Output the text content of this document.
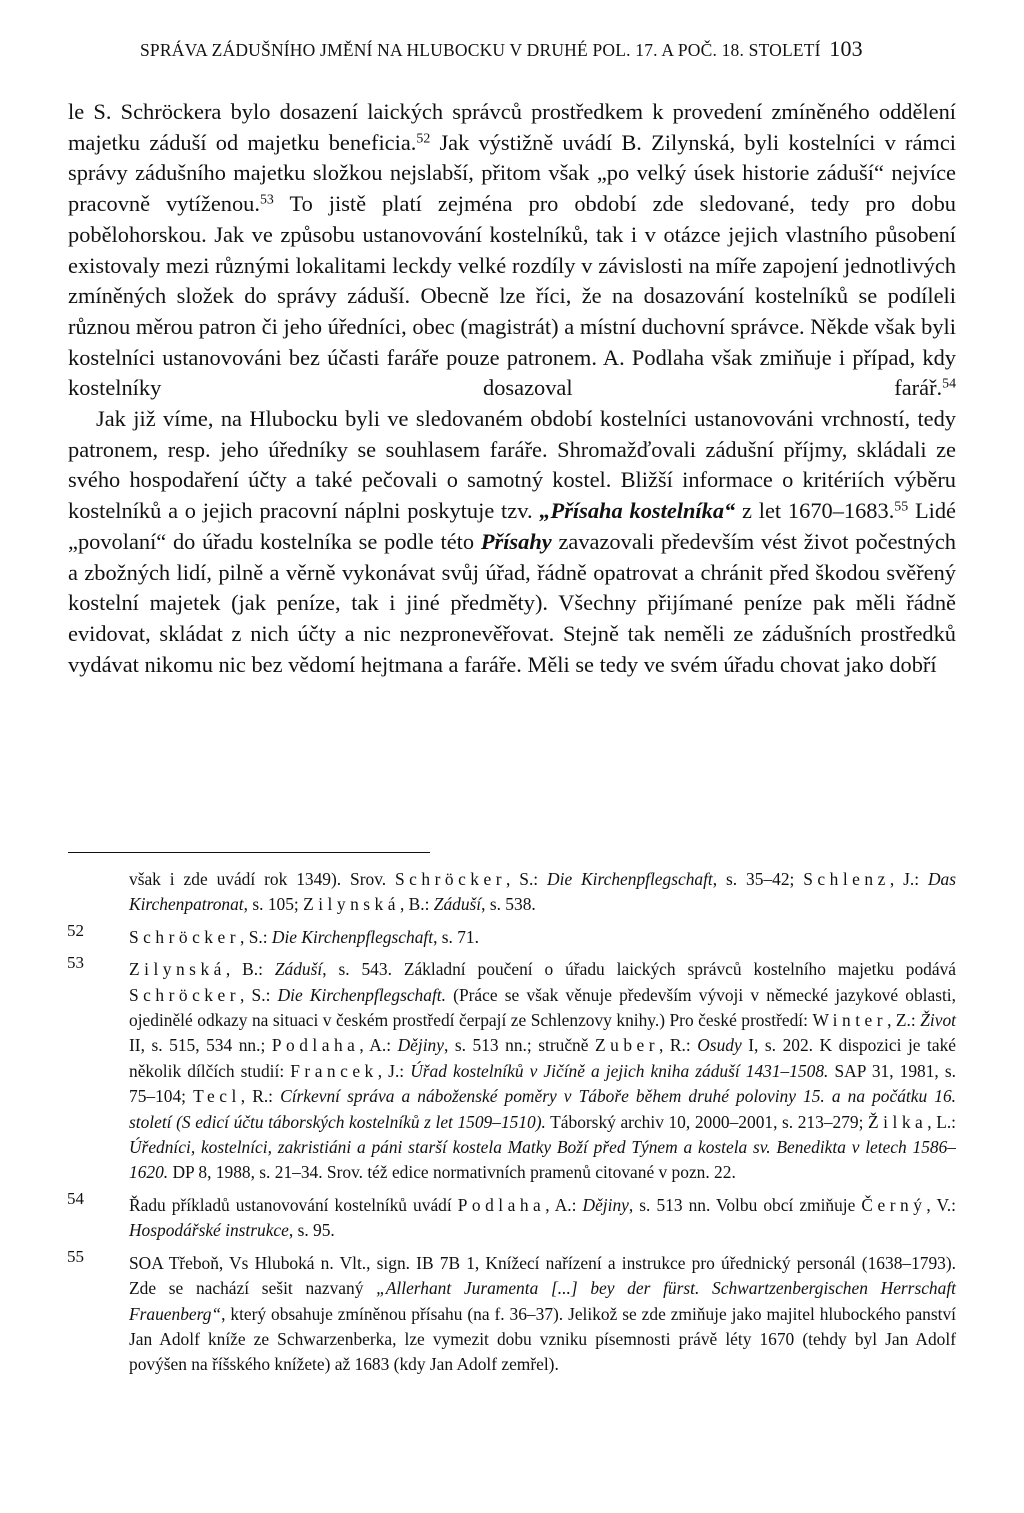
SPRÁVA ZÁDUŠNÍHO JMĚNÍ NA HLUBOCKU V DRUHÉ POL. 17. A POČ. 18. STOLETÍ 103

le S. Schröckera bylo dosazení laických správců prostředkem k provedení zmíněného oddělení majetku záduší od majetku beneficia.$^{52}$ Jak výstižně uvádí B. Zilynská, byli kostelníci v rámci správy zádušního majetku složkou nejslabší, přitom však „po velký úsek historie záduší“ nejvíce pracovně vytíženou.$^{53}$ To jistě platí zejména pro období zde sledované, tedy pro dobu pobělohorskou. Jak ve způsobu ustanovování kostelníků, tak i v otázce jejich vlastního působení existovaly mezi různými lokalitami leckdy velké rozdíly v závislosti na míře zapojení jednotlivých zmíněných složek do správy záduší. Obecně lze říci, že na dosazování kostelníků se podíleli různou měrou patron či jeho úředníci, obec (magistrát) a místní duchovní správce. Někde však byli kostelníci ustanovováni bez účasti faráře pouze patronem. A. Podlaha však zmiňuje i případ, kdy kostelníky dosazoval farář.$^{54}$

Jak již víme, na Hlubocku byli ve sledovaném období kostelníci ustanovováni vrchností, tedy patronem, resp. jeho úředníky se souhlasem faráře. Shromažďovali zádušní příjmy, skládali ze svého hospodaření účty a také pečovali o samotný kostel. Bližší informace o kritériích výběru kostelníků a o jejich pracovní náplni poskytuje tzv. „Přísaha kostelníka“ z let 1670–1683.55 Lidé „povolaní“ do úřadu kostelníka se podle této Přísahy zavazovali především vést život počestných a zbožných lidí, pilně a věrně vykonávat svůj úřad, řádně opatrovat a chránit před škodou svěřený kostelní majetek (jak peníze, tak i jiné předměty). Všechny přijímané peníze pak měli řádně evidovat, skládat z nich účty a nic nezpronevěřovat. Stejně tak neměli ze zádušních prostředků vydávat nikomu nic bez vědomí hejtmana a faráře. Měli se tedy ve svém úřadu chovat jako dobří

však i zde uvádí rok 1349). Srov. Schröcker, S.: Die Kirchenpflegschaft, s. 35–42; Schlenz, J.: Das Kirchenpatronat, s. 105; Zilynská, B.: Záduší, s. 538.
52	Schröcker, S.: Die Kirchenpflegschaft, s. 71.
53	Zilynská, B.: Záduší, s. 543. Základní poučení o úřadu laických správců kostelního majetku podává Schröcker, S.: Die Kirchenpflegschaft. (Práce se však věnuje především vývoji v německé jazykové oblasti, ojedinělé odkazy na situaci v českém prostředí čerpají ze Schlenzovy knihy.) Pro české prostředí: Winter, Z.: Život II, s. 515, 534 nn.; Podlaha, A.: Dějiny, s. 513 nn.; stručně Zuber, R.: Osudy I, s. 202. K dispozici je také několik dílčích studií: Francek, J.: Úřad kostelníků v Jičíně a jejich kniha záduší 1431–1508. SAP 31, 1981, s. 75–104; Tecl, R.: Církevní správa a náboženské poměry v Táboře během druhé poloviny 15. a na počátku 16. století (S edicí účtu táborských kostelníků z let 1509–1510). Táborský archiv 10, 2000–2001, s. 213–279; Žilka, L.: Úředníci, kostelníci, zakristiáni a páni starší kostela Matky Boží před Týnem a kostela sv. Benedikta v letech 1586–1620. DP 8, 1988, s. 21–34. Srov. též edice normativních pramenů citované v pozn. 22.
54	Řadu příkladů ustanovování kostelníků uvádí Podlaha, A.: Dějiny, s. 513 nn. Volbu obcí zmiňuje Černý, V.: Hospodářské instrukce, s. 95.
55	SOA Třeboň, Vs Hluboká n. Vlt., sign. IB 7B 1, Knížecí nařízení a instrukce pro úřednický personál (1638–1793). Zde se nachází sešit nazvaný „Allerhant Juramenta [...] bey der fürst. Schwartzenbergischen Herrschaft Frauenberg“, který obsahuje zmíněnou přísahu (na f. 36–37). Jelikož se zde zmiňuje jako majitel hlubockého panství Jan Adolf kníže ze Schwarzenberka, lze vymezit dobu vzniku písemnosti právě léty 1670 (tehdy byl Jan Adolf povýšen na říšského knížete) až 1683 (kdy Jan Adolf zemřel).
